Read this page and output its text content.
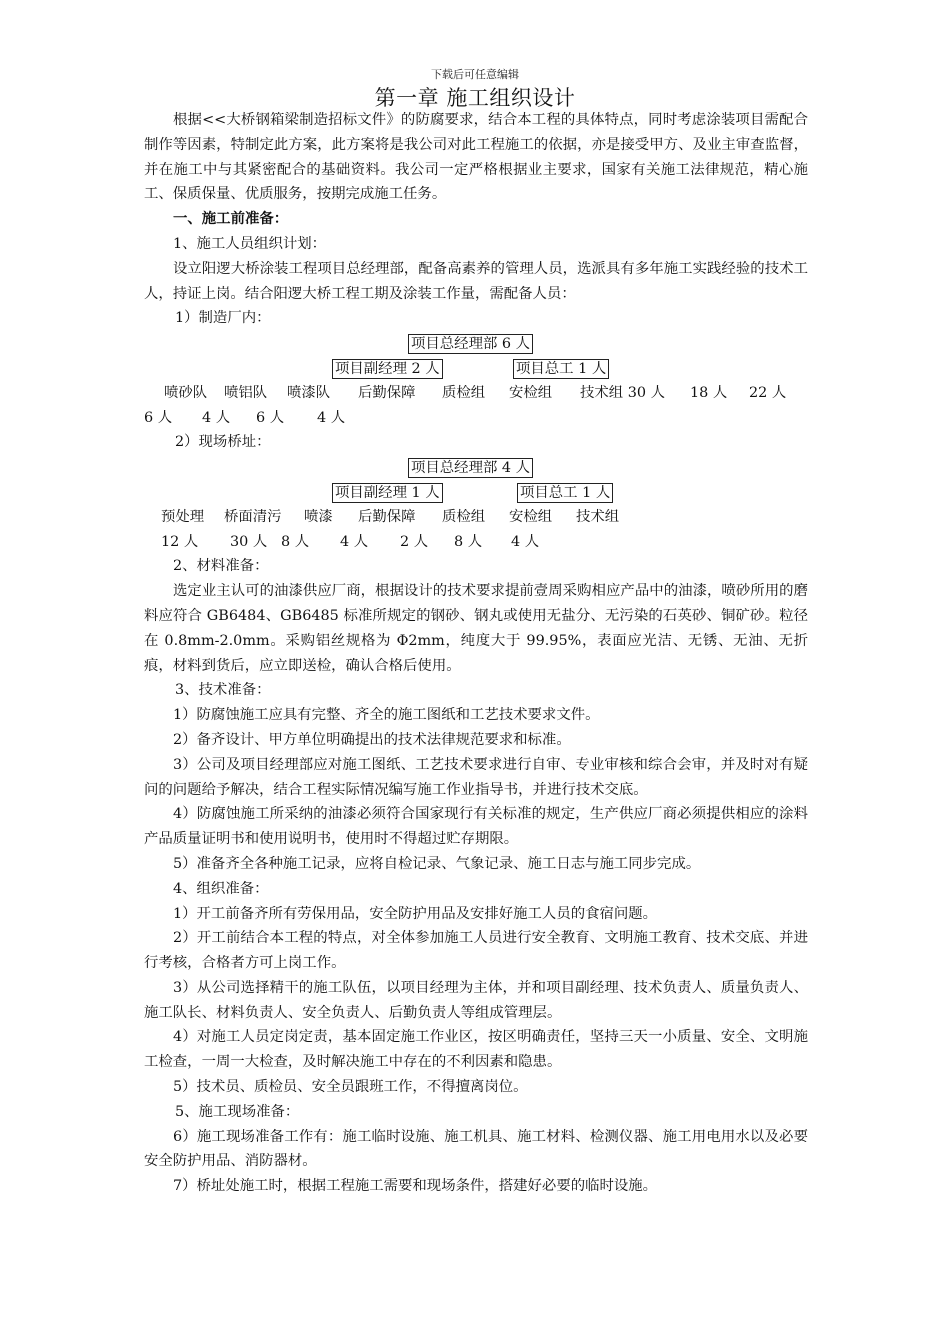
下载后可任意编辑
第一章 施工组织设计

根据<<大桥钢箱梁制造招标文件》的防腐要求，结合本工程的具体特点，同时考虑涂装项目需配合制作等因素，特制定此方案，此方案将是我公司对此工程施工的依据，亦是接受甲方、及业主审查监督，并在施工中与其紧密配合的基础资料。我公司一定严格根据业主要求，国家有关施工法律规范，精心施工、保质保量、优质服务，按期完成施工任务。

一、施工前准备：

1、施工人员组织计划：

设立阳逻大桥涂装工程项目总经理部，配备高素养的管理人员，选派具有多年施工实践经验的技术工人，持证上岗。结合阳逻大桥工程工期及涂装工作量，需配备人员：

1）制造厂内：

项目总经理部 6 人
项目副经理 2 人	项目总工 1 人
喷砂队 喷铝队 喷漆队 后勤保障 质检组 安检组 技术组 30 人 18 人 22 人
6 人 4 人 6 人 4 人

2）现场桥址：

项目总经理部 4 人
项目副经理 1 人	项目总工 1 人
预处理 桥面清污 喷漆 后勤保障 质检组 安检组 技术组
12 人 30 人 8 人 4 人 2 人 8 人 4 人

2、材料准备：

选定业主认可的油漆供应厂商，根据设计的技术要求提前壹周采购相应产品中的油漆，喷砂所用的磨料应符合 GB6484、GB6485 标准所规定的钢砂、钢丸或使用无盐分、无污染的石英砂、铜矿砂。粒径在 0.8mm-2.0mm。采购铝丝规格为 Φ2mm，纯度大于 99.95%，表面应光洁、无锈、无油、无折痕，材料到货后，应立即送检，确认合格后使用。

3、技术准备：

1）防腐蚀施工应具有完整、齐全的施工图纸和工艺技术要求文件。

2）备齐设计、甲方单位明确提出的技术法律规范要求和标准。

3）公司及项目经理部应对施工图纸、工艺技术要求进行自审、专业审核和综合会审，并及时对有疑问的问题给予解决，结合工程实际情况编写施工作业指导书，并进行技术交底。

4）防腐蚀施工所采纳的油漆必须符合国家现行有关标准的规定，生产供应厂商必须提供相应的涂料产品质量证明书和使用说明书，使用时不得超过贮存期限。

5）准备齐全各种施工记录，应将自检记录、气象记录、施工日志与施工同步完成。

4、组织准备：

1）开工前备齐所有劳保用品，安全防护用品及安排好施工人员的食宿问题。

2）开工前结合本工程的特点，对全体参加施工人员进行安全教育、文明施工教育、技术交底、并进行考核，合格者方可上岗工作。

3）从公司选择精干的施工队伍，以项目经理为主体，并和项目副经理、技术负责人、质量负责人、施工队长、材料负责人、安全负责人、后勤负责人等组成管理层。

4）对施工人员定岗定责，基本固定施工作业区，按区明确责任，坚持三天一小质量、安全、文明施工检查，一周一大检查，及时解决施工中存在的不利因素和隐患。

5）技术员、质检员、安全员跟班工作，不得擅离岗位。

5、施工现场准备：

6）施工现场准备工作有：施工临时设施、施工机具、施工材料、检测仪器、施工用电用水以及必要安全防护用品、消防器材。

7）桥址处施工时，根据工程施工需要和现场条件，搭建好必要的临时设施。
